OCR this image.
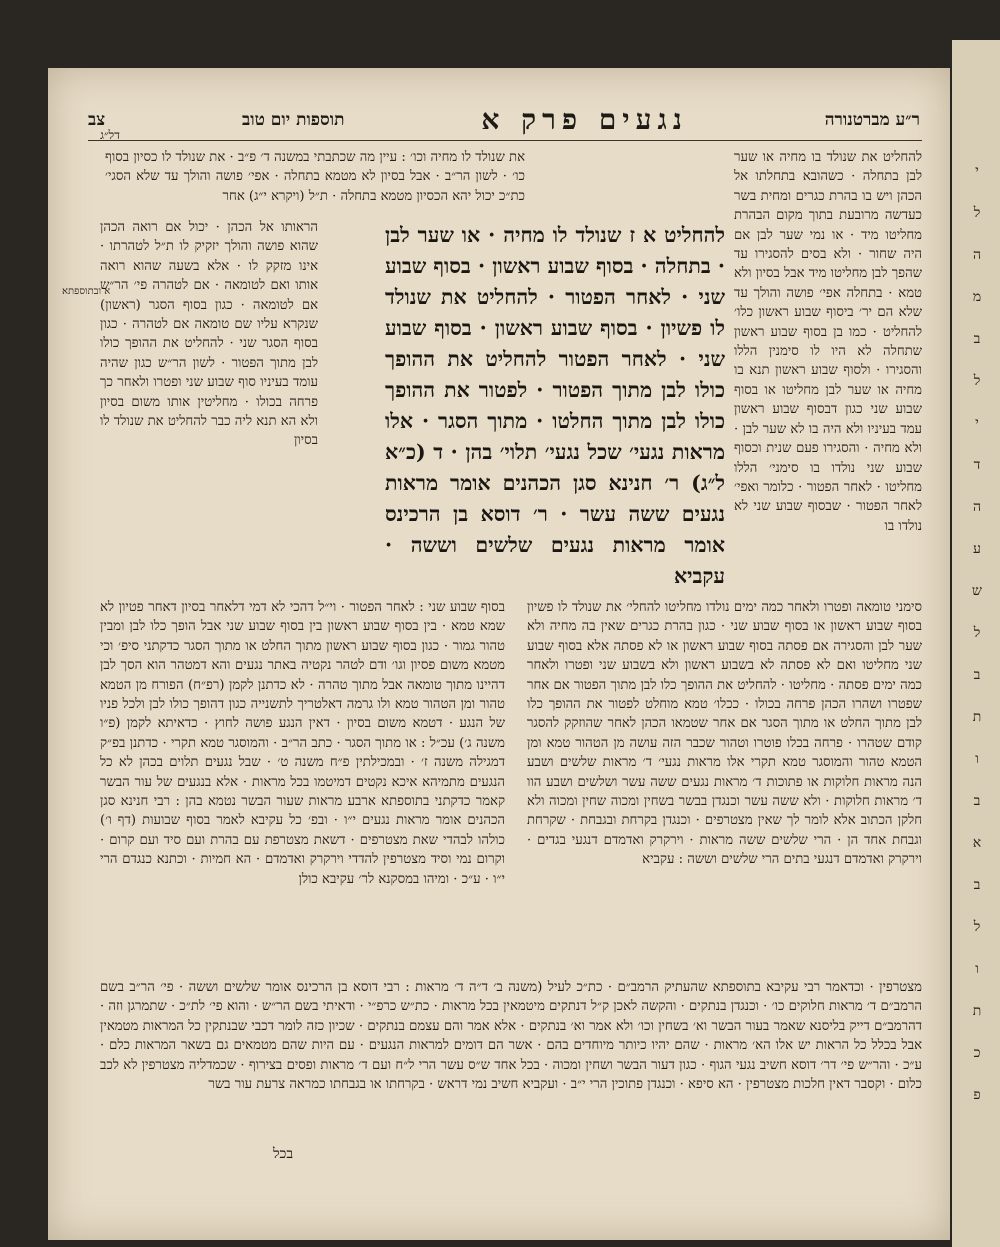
י
ל
ה
מ
ב
ל
י
ד
ה
ע
ש
ל
ב
ת
ו
ב
א
ב
ל
ו
ת
כ
פ
ר״ע מברטנורה
נגעים פרק א
תוספות יום טוב
צב
דל״ג
א ובתוספתא
להחליט את שנולד בו מחיה או שער לבן בתחלה · כשהובא בתחלתו אל הכהן ויש בו בהרת כגרים ומחית בשר כעדשה מרובעת בתוך מקום הבהרת מחליטו מיד · או נמי שער לבן אם היה שחור · ולא בסים להסגירו עד שהפך לבן מחליטו מיד אבל בסיון ולא טמא · בתחלה אפי׳ פושה והולך עד שלא הם יר׳ ביסוף שבוע ראשון כלו׳ להחליט · כמו בן בסוף שבוע ראשון שתחלה לא היו לו סימנין הללו והסגירו · ולסוף שבוע ראשון תנא בו מחיה או שער לבן מחליטו או בסוף שבוע שני כגון דבסוף שבוע ראשון עמד בעיניו ולא היה בו לא שער לבן · ולא מחיה · והסגירו פעם שנית וכסוף שבוע שני נולדו בו סימני׳ הללו מחליטו · לאחר הפטור · כלומר ואפי׳ לאחר הפטור · שבסוף שבוע שני לא נולדו בו
את שנולד לו מחיה וכו׳ : עיין מה שכתבתי במשנה ד׳ פ״ב · את שנולד לו כסיון בסוף כו׳ · לשון הר״ב · אבל בסיון לא מטמא בתחלה · אפי׳ פושה והולך עד שלא הסגי׳ כת״כ יכול יהא הכסיון מטמא בתחלה · ת״ל (ויקרא י״ג) אחר
הראותו אל הכהן · יכול אם רואה הכהן שהוא פושה והולך יזקיק לו ת״ל לטהרתו · אינו מזקק לו · אלא בשעה שהוא רואה אותו ואם לטומאה · אם לטהרה פי׳ הר״ש אם לטומאה · כגון בסוף הסגר (ראשון) שנקרא עליו שם טומאה אם לטהרה · כגון בסוף הסגר שני · להחליט את ההופך כולו לבן מתוך הפטור · לשון הר״ש כגון שהיה עומד בעיניו סוף שבוע שני ופטרו ולאחר כך פרחה בכולו · מחליטין אותו משום בסיון ולא הא תנא ליה כבר להחליט את שנולד לו בסיון
להחליט א ז שנולד לו מחיה · או שער לבן · בתחלה · בסוף שבוע ראשון · בסוף שבוע שני · לאחר הפטור · להחליט את שנולד לו פשיון · בסוף שבוע ראשון · בסוף שבוע שני · לאחר הפטור להחליט את ההופך כולו לבן מתוך הפטור · לפטור את ההופך כולו לבן מתוך החלטו · מתוך הסגר · אלו מראות נגעי׳ שכל נגעי׳ תלוי׳ בהן · ד (כ״א ל״ג) ר׳ חנינא סגן הכהנים אומר מראות נגעים ששה עשר · ר׳ דוסא בן הרכינס אומר מראות נגעים שלשים וששה · עקביא
סימני טומאה ופטרו ולאחר כמה ימים נולדו מחליטו להחלי׳ את שנולד לו פשיון בסוף שבוע ראשון או בסוף שבוע שני · כגון בהרת כגרים שאין בה מחיה ולא שער לבן והסגירה אם פסתה בסוף שבוע ראשון או לא פסתה אלא בסוף שבוע שני מחליטו ואם לא פסתה לא בשבוע ראשון ולא בשבוע שני ופטרו ולאחר כמה ימים פסתה · מחליטו · להחליט את ההופך כלו לבן מתוך הפטור אם אחר שפטרו ושהרו הכהן פרחה בכולו · ככלו׳ טמא מוחלט לפטור את ההופך כלו לבן מתוך החלט או מתוך הסגר אם אחר שטמאו הכהן לאחר שהוזקק להסגר קודם שטהרו · פרחה בכלו פוטרו וטהור שכבר הזה עושה מן הטהור טמא ומן הטמא טהור והמוסגר טמא תקרי אלו מראות נגעי׳ ד׳ מראות שלשים ושבע הנה מראות חלוקות או פתוכות ד׳ מראות נגעים ששה עשר ושלשים ושבע הוו ד׳ מראות חלוקות · ולא ששה עשר וכנגדן בבשר בשחין ומכוה שחין ומכוה ולא חלקן הכתוב אלא לומר לך שאין מצטרפים · וכנגדן בקרחת ובגבחת · שקרחת וגבחת אחד הן · הרי שלשים ששה מראות · וירקרק ואדמדם דנגעי בגדים · וירקרק ואדמדם דנגעי בתים הרי שלשים וששה : עקביא
בסוף שבוע שני : לאחר הפטור · וי״ל דהכי לא דמי דלאחר בסיון דאחר פטיון לא שמא טמא · בין בסוף שבוע ראשון בין בסוף שבוע שני אבל הופך כלו לבן ומבין טהור גמור · כגון בסוף שבוע ראשון מתוך החלט או מתוך הסגר כדקתני סיפ׳ וכי מטמא משום פסיון וגו׳ ודם לטהר נקטיה באתר נגעים והא דמטהר הוא הסך לבן דהיינו מתוך טומאה אבל מתוך טהרה · לא כדתנן לקמן (רפ״ח) הפורח מן הטמא טהור ומן הטהור טמא ולו גרמה דאלטריך לתשנייה כגון דהופך כולו לבן ולכל פניו של הנגע · דטמא משום בסיון · דאין הנגע פושה לחוץ · כדאיתא לקמן (פ״ו משנה ג׳) עכ״ל : או מתוך הסגר · כתב הר״ב · והמוסגר טמא תקרי · כדתנן בפ״ק דמגילה משנה ז׳ · ובמכילתין פ״ח משנה ט׳ · שבל נגעים תלוים בכהן לא כל הנגעים מתמיהא איכא נקטים דמיטמו בכל מראות · אלא בנגעים של עור הבשר קאמר כדקתני בתוספתא ארבע מראות שעור הבשר נטמא בהן : רבי חנינא סגן הכהנים אומר מראות נגעים י״ו · ובפ׳ כל עקיבא לאמר בסוף שבועות (דף ו׳) כולהו לבהדי שאת מצטרפים · דשאת מצטרפת עם בהרת ועם סיד ועם קרום · וקרום נמי וסיד מצטרפין להדדי וירקרק ואדמדם · הא חמיות · וכתנא כנגדם הרי י״ו · ע״כ · ומיהו במסקנא לר׳ עקיבא כולן
מצטרפין · וכדאמר רבי עקיבא בתוספתא שהעתיק הרמב״ם · כת״כ לעיל (משנה ב׳ ד״ה ד׳ מראות : רבי דוסא בן הרכינס אומר שלשים וששה · פי׳ הר״ב בשם הרמב״ם ד׳ מראות חלוקים כו׳ · וכנגדן בנתקים · והקשה לאכן ק״ל דנתקים מיטמאין בכל מראות · כת״ש כרפ״י · ודאיתי בשם הר״ש · והוא פי׳ לת״כ · שתמרגן וזה · דהרמב״ם דייק בליסנא שאמר בעור הבשר וא׳ בשחין וכו׳ ולא אמר וא׳ בנתקים · אלא אמר והם עצמם בנתקים · שכיון כזה לומר דכבי שבנתקין כל המראות מטמאין אבל בכלל כל הראות יש אלו הא׳ מראות · שהם יהיו כיותר מיוחדים בהם · אשר הם דומים למראות הנגעים · עם היות שהם מטמאים גם בשאר המראות כלם · ע״כ · והר״ש פי׳ דר׳ דוסא חשיב נגעי הגוף · כגון דעור הבשר ושחין ומכוה · בכל אחד ש״ס עשר הרי ל״ח ועם ד׳ מראות ופסים בצירוף · שכמדליה מצטרפין לא לכב כלום · וקסבר דאין חלכות מצטרפין · הא סיפא · וכנגדן פתוכין הרי י״ב · ועקביא חשיב נמי דראש · בקרחתו או בגבחתו כמראה צרעת עור בשר
בכל
